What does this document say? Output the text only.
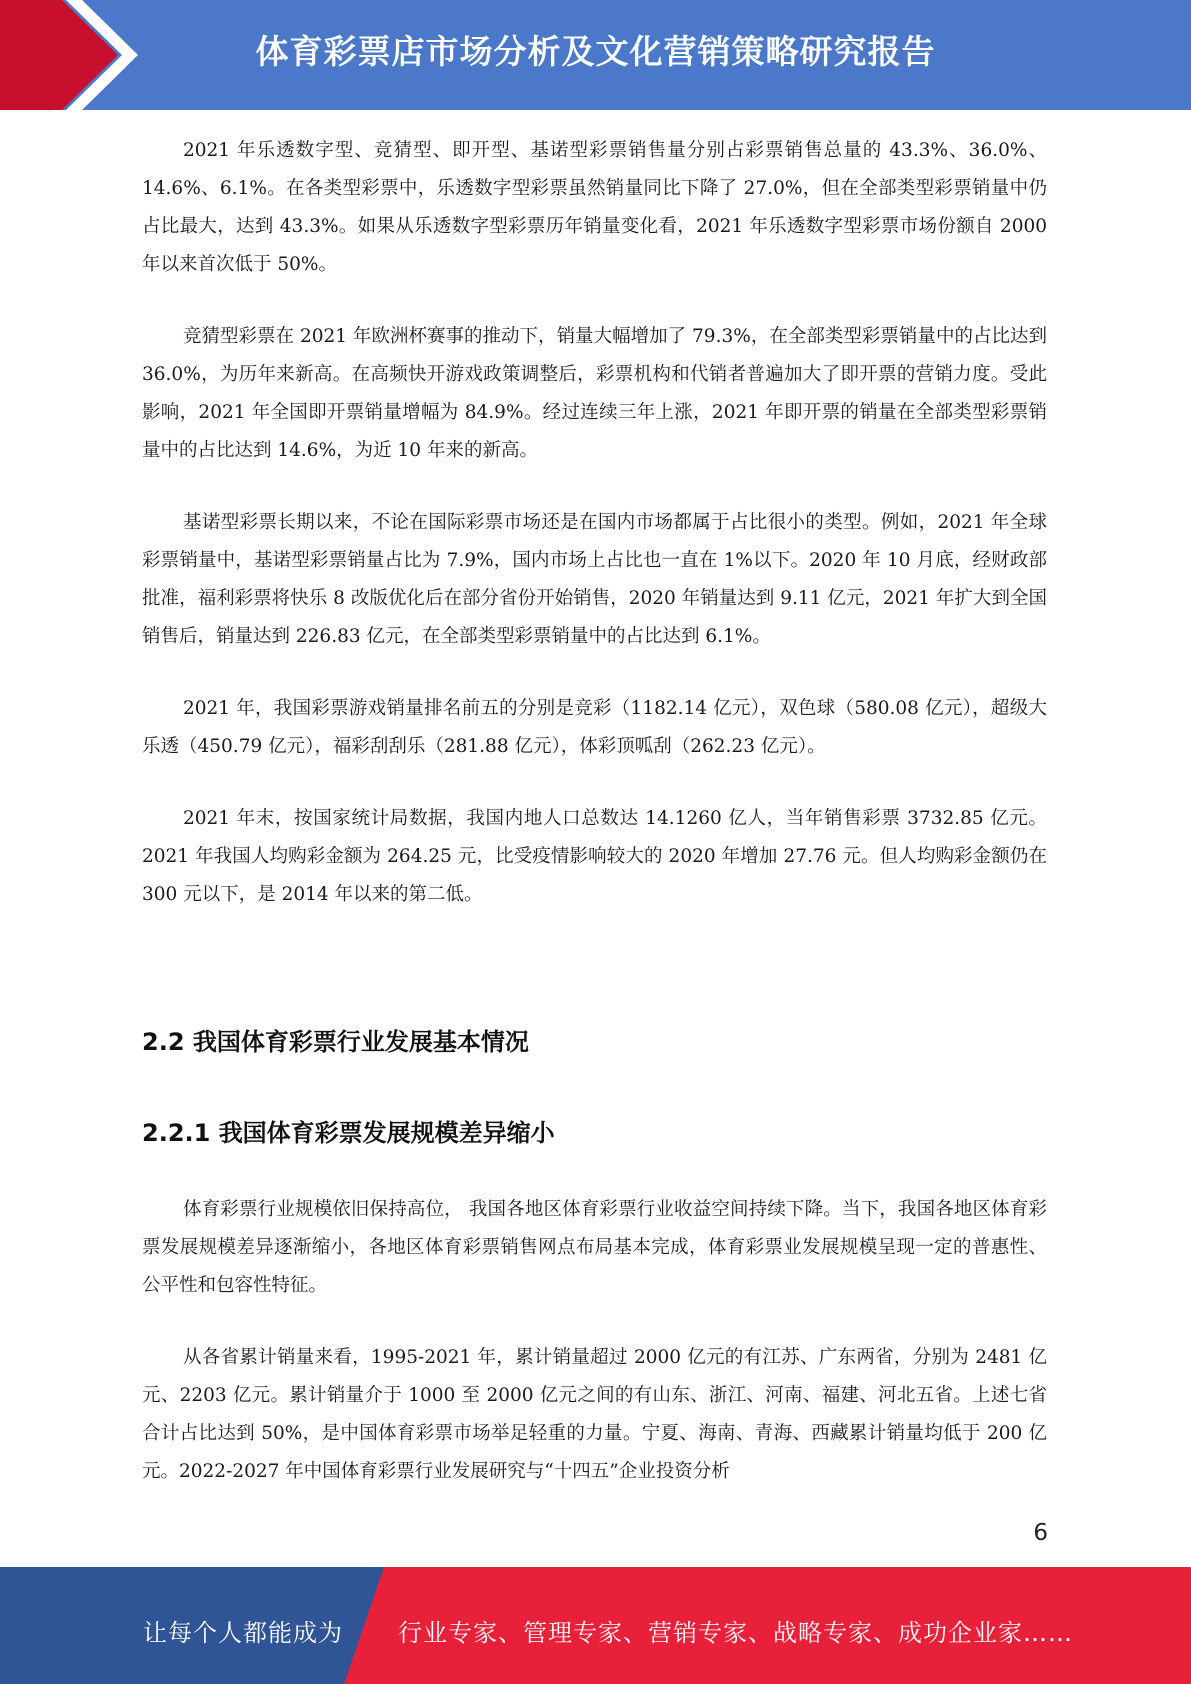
体育彩票店市场分析及文化营销策略研究报告

2021 年乐透数字型、竞猜型、即开型、基诺型彩票销售量分别占彩票销售总量的 43.3%、36.0%、14.6%、6.1%。在各类型彩票中，乐透数字型彩票虽然销量同比下降了 27.0%，但在全部类型彩票销量中仍占比最大，达到 43.3%。如果从乐透数字型彩票历年销量变化看，2021 年乐透数字型彩票市场份额自 2000 年以来首次低于 50%。

竞猜型彩票在 2021 年欧洲杯赛事的推动下，销量大幅增加了 79.3%，在全部类型彩票销量中的占比达到 36.0%，为历年来新高。在高频快开游戏政策调整后，彩票机构和代销者普遍加大了即开票的营销力度。受此影响，2021 年全国即开票销量增幅为 84.9%。经过连续三年上涨，2021 年即开票的销量在全部类型彩票销量中的占比达到 14.6%，为近 10 年来的新高。

基诺型彩票长期以来，不论在国际彩票市场还是在国内市场都属于占比很小的类型。例如，2021 年全球彩票销量中，基诺型彩票销量占比为 7.9%，国内市场上占比也一直在 1%以下。2020 年 10 月底，经财政部批准，福利彩票将快乐 8 改版优化后在部分省份开始销售，2020 年销量达到 9.11 亿元，2021 年扩大到全国销售后，销量达到 226.83 亿元，在全部类型彩票销量中的占比达到 6.1%。

2021 年，我国彩票游戏销量排名前五的分别是竞彩（1182.14 亿元），双色球（580.08 亿元），超级大乐透（450.79 亿元），福彩刮刮乐（281.88 亿元），体彩顶呱刮（262.23 亿元）。

2021 年末，按国家统计局数据，我国内地人口总数达 14.1260 亿人，当年销售彩票 3732.85 亿元。2021 年我国人均购彩金额为 264.25 元，比受疫情影响较大的 2020 年增加 27.76 元。但人均购彩金额仍在 300 元以下，是 2014 年以来的第二低。

2.2 我国体育彩票行业发展基本情况
2.2.1 我国体育彩票发展规模差异缩小

体育彩票行业规模依旧保持高位， 我国各地区体育彩票行业收益空间持续下降。当下，我国各地区体育彩票发展规模差异逐渐缩小，各地区体育彩票销售网点布局基本完成，体育彩票业发展规模呈现一定的普惠性、公平性和包容性特征。

从各省累计销量来看，1995-2021 年，累计销量超过 2000 亿元的有江苏、广东两省，分别为 2481 亿元、2203 亿元。累计销量介于 1000 至 2000 亿元之间的有山东、浙江、河南、福建、河北五省。上述七省合计占比达到 50%，是中国体育彩票市场举足轻重的力量。宁夏、海南、青海、西藏累计销量均低于 200 亿元。2022-2027 年中国体育彩票行业发展研究与“十四五”企业投资分析

6
让每个人都能成为 行业专家、管理专家、营销专家、战略专家、成功企业家……
